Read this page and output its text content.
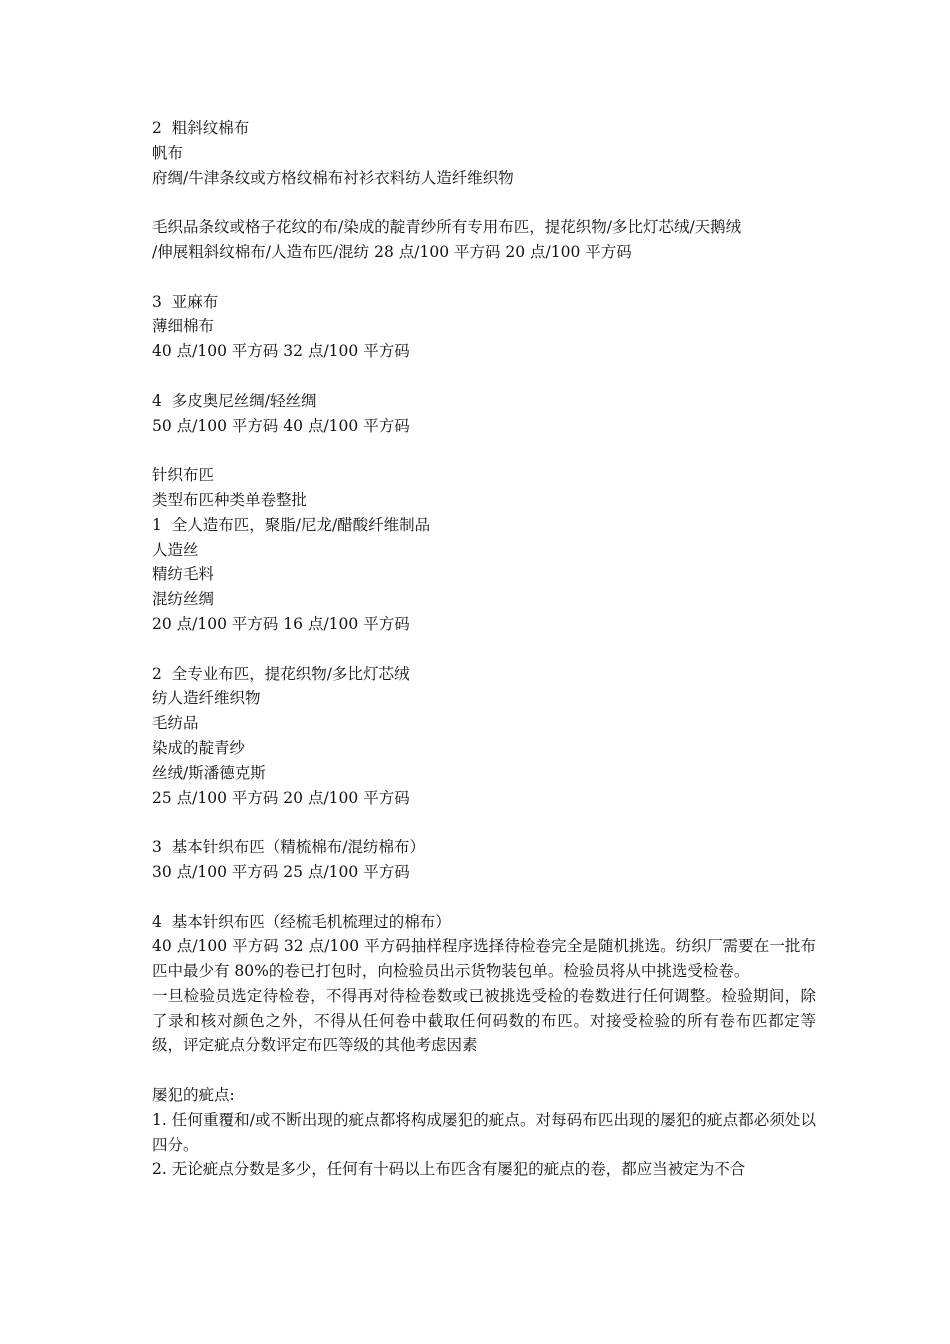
2  粗斜纹棉布
帆布
府绸/牛津条纹或方格纹棉布衬衫衣料纺人造纤维织物
毛织品条纹或格子花纹的布/染成的靛青纱所有专用布匹，提花织物/多比灯芯绒/天鹅绒
/伸展粗斜纹棉布/人造布匹/混纺 28 点/100 平方码 20 点/100 平方码
3  亚麻布
薄细棉布
40 点/100 平方码 32 点/100 平方码
4  多皮奥尼丝绸/轻丝绸
50 点/100 平方码 40 点/100 平方码
针织布匹
类型布匹种类单卷整批
1  全人造布匹，聚脂/尼龙/醋酸纤维制品
人造丝
精纺毛料
混纺丝绸
20 点/100 平方码 16 点/100 平方码
2  全专业布匹，提花织物/多比灯芯绒
纺人造纤维织物
毛纺品
染成的靛青纱
丝绒/斯潘德克斯
25 点/100 平方码 20 点/100 平方码
3  基本针织布匹（精梳棉布/混纺棉布）
30 点/100 平方码 25 点/100 平方码
4  基本针织布匹（经梳毛机梳理过的棉布）
40 点/100 平方码 32 点/100 平方码抽样程序选择待检卷完全是随机挑选。纺织厂需要在一批布匹中最少有 80%的卷已打包时，向检验员出示货物装包单。检验员将从中挑选受检卷。
一旦检验员选定待检卷，不得再对待检卷数或已被挑选受检的卷数进行任何调整。检验期间，除了录和核对颜色之外，不得从任何卷中截取任何码数的布匹。对接受检验的所有卷布匹都定等级，评定疵点分数评定布匹等级的其他考虑因素
屡犯的疵点:
1. 任何重覆和/或不断出现的疵点都将构成屡犯的疵点。对每码布匹出现的屡犯的疵点都必须处以四分。
2. 无论疵点分数是多少，任何有十码以上布匹含有屡犯的疵点的卷，都应当被定为不合
